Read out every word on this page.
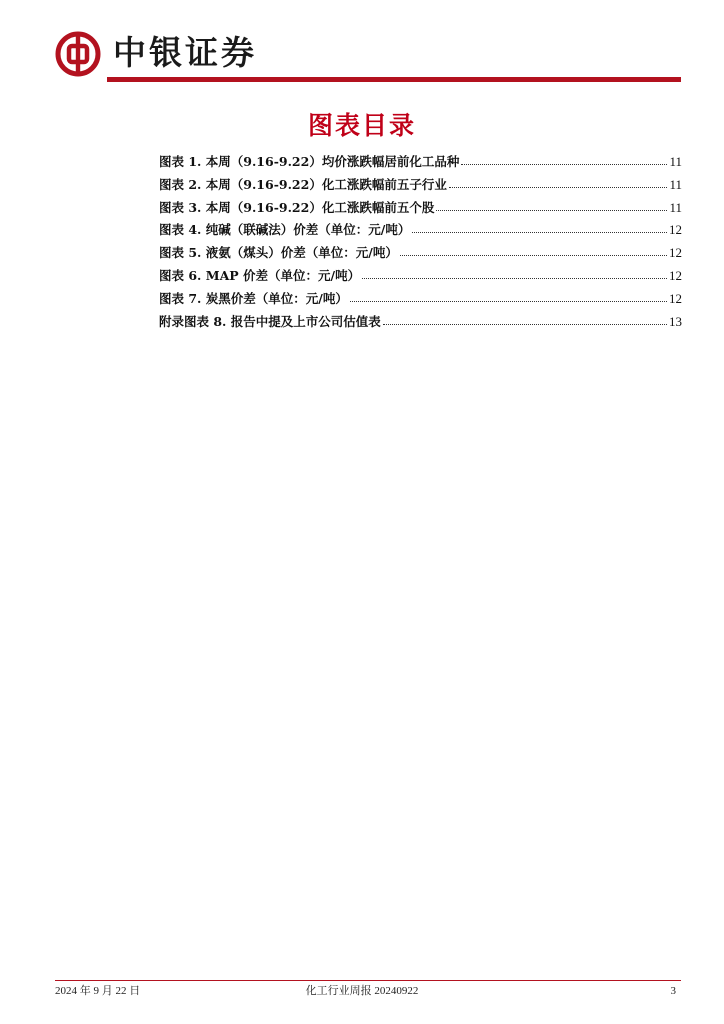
中银证券
图表目录
图表 1. 本周（9.16-9.22）均价涨跌幅居前化工品种	11
图表 2. 本周（9.16-9.22）化工涨跌幅前五子行业	11
图表 3. 本周（9.16-9.22）化工涨跌幅前五个股	11
图表 4. 纯碱（联碱法）价差（单位：元/吨）	12
图表 5. 液氨（煤头）价差（单位：元/吨）	12
图表 6. MAP 价差（单位：元/吨）	12
图表 7. 炭黑价差（单位：元/吨）	12
附录图表 8. 报告中提及上市公司估值表	13
2024 年 9 月 22 日	化工行业周报 20240922	3
